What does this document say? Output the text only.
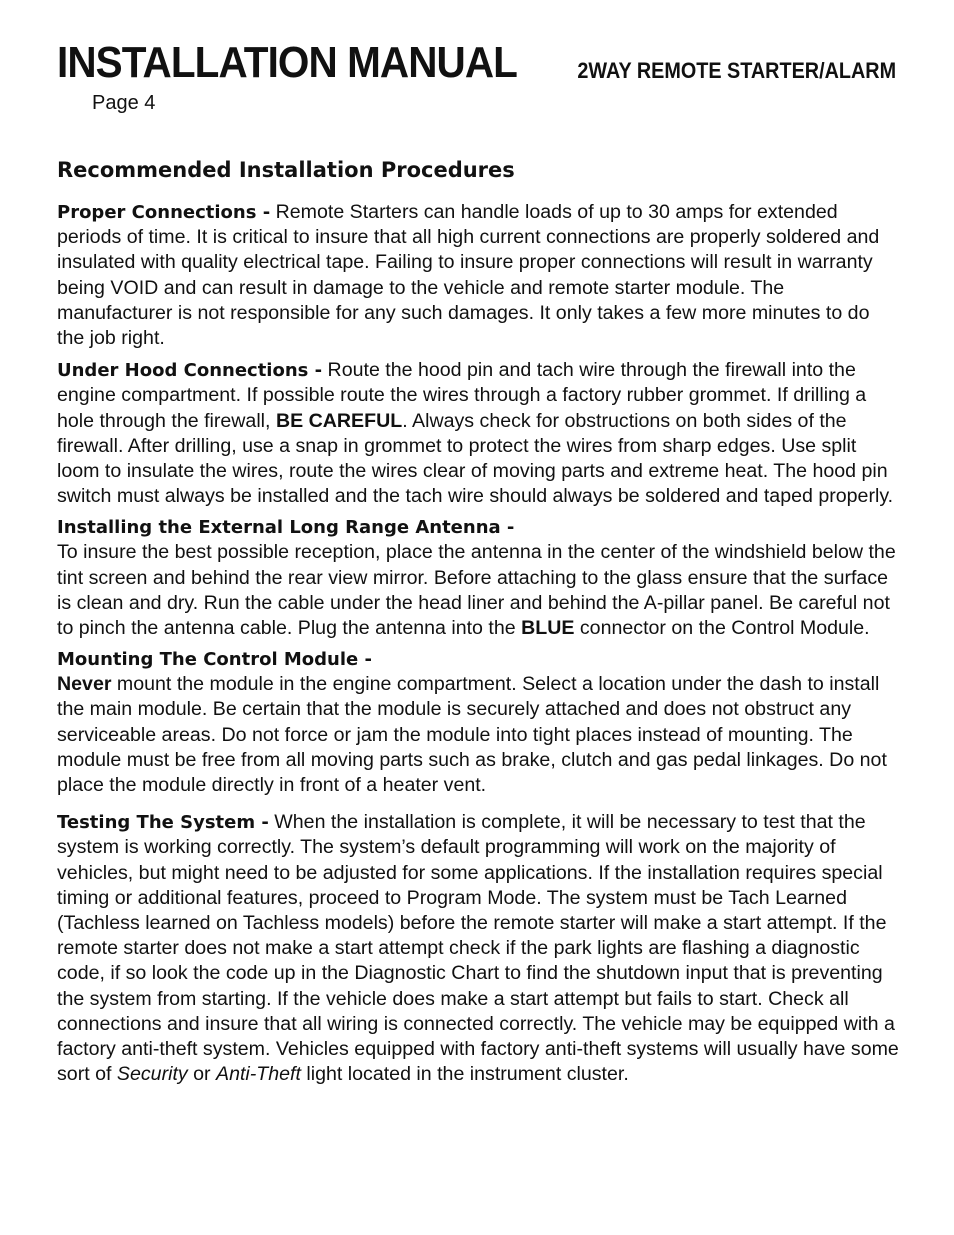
INSTALLATION MANUAL	2WAY REMOTE STARTER/ALARM
Page 4
Recommended Installation Procedures

Proper Connections - Remote Starters can handle loads of up to 30 amps for extended periods of time. It is critical to insure that all high current connections are properly soldered and insulated with quality electrical tape. Failing to insure proper connections will result in warranty being VOID and can result in damage to the vehicle and remote starter module. The manufacturer is not responsible for any such damages. It only takes a few more minutes to do the job right.

Under Hood Connections - Route the hood pin and tach wire through the firewall into the engine compartment. If possible route the wires through a factory rubber grommet. If drilling a hole through the firewall, BE CAREFUL. Always check for obstructions on both sides of the firewall. After drilling, use a snap in grommet to protect the wires from sharp edges. Use split loom to insulate the wires, route the wires clear of moving parts and extreme heat. The hood pin switch must always be installed and the tach wire should always be soldered and taped properly.

Installing the External Long Range Antenna -
To insure the best possible reception, place the antenna in the center of the windshield below the tint screen and behind the rear view mirror. Before attaching to the glass ensure that the surface is clean and dry. Run the cable under the head liner and behind the A-pillar panel. Be careful not to pinch the antenna cable. Plug the antenna into the BLUE connector on the Control Module.

Mounting The Control Module -
Never mount the module in the engine compartment. Select a location under the dash to install the main module. Be certain that the module is securely attached and does not obstruct any serviceable areas. Do not force or jam the module into tight places instead of mounting. The module must be free from all moving parts such as brake, clutch and gas pedal linkages. Do not place the module directly in front of a heater vent.

Testing The System - When the installation is complete, it will be necessary to test that the system is working correctly. The system’s default programming will work on the majority of vehicles, but might need to be adjusted for some applications. If the installation requires special timing or additional features, proceed to Program Mode. The system must be Tach Learned (Tachless learned on Tachless models) before the remote starter will make a start attempt. If the remote starter does not make a start attempt check if the park lights are flashing a diagnostic code, if so look the code up in the Diagnostic Chart to find the shutdown input that is preventing the system from starting. If the vehicle does make a start attempt but fails to start. Check all connections and insure that all wiring is connected correctly. The vehicle may be equipped with a factory anti-theft system. Vehicles equipped with factory anti-theft systems will usually have some sort of Security or Anti-Theft light located in the instrument cluster.
